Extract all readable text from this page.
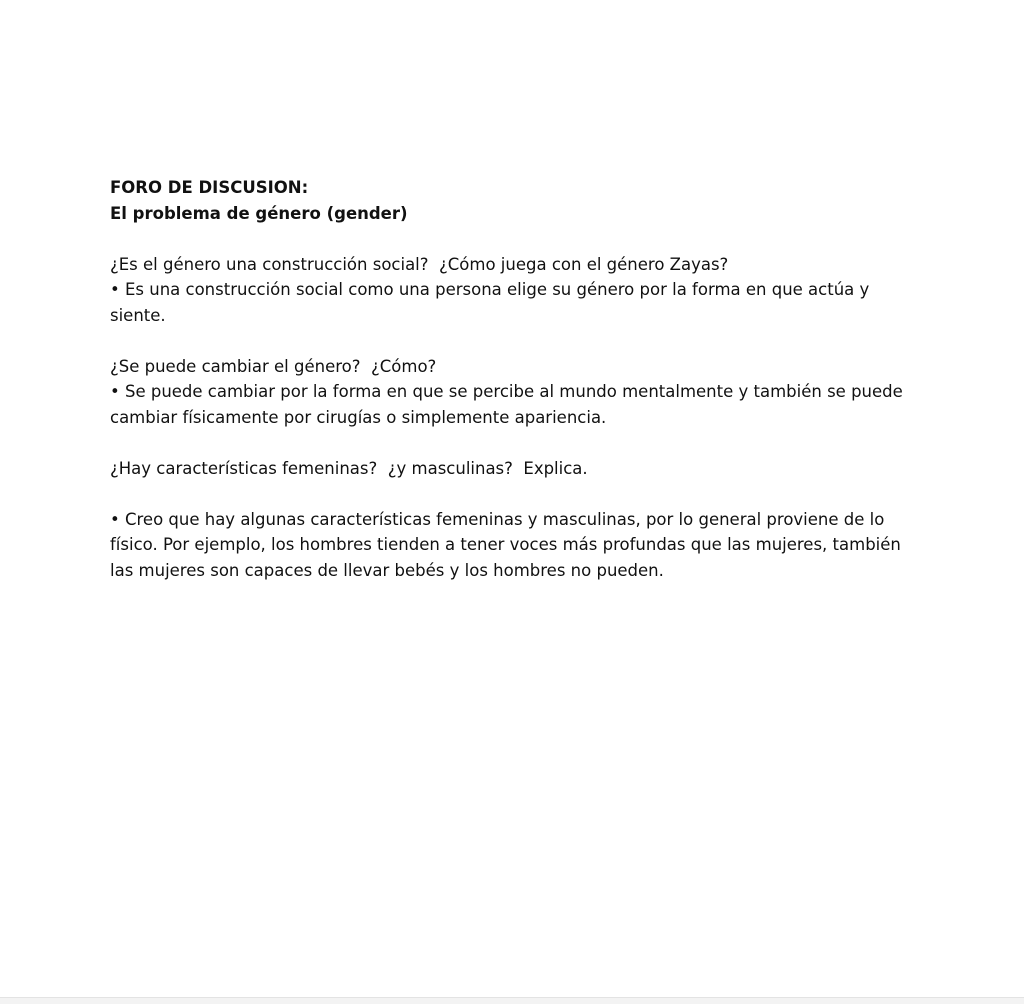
FORO DE DISCUSION:

El problema de género (gender)

¿Es el género una construcción social?  ¿Cómo juega con el género Zayas?

• Es una construcción social como una persona elige su género por la forma en que actúa y siente.

¿Se puede cambiar el género?  ¿Cómo?

• Se puede cambiar por la forma en que se percibe al mundo mentalmente y también se puede cambiar físicamente por cirugías o simplemente apariencia.

¿Hay características femeninas?  ¿y masculinas?  Explica.

• Creo que hay algunas características femeninas y masculinas, por lo general proviene de lo físico. Por ejemplo, los hombres tienden a tener voces más profundas que las mujeres, también las mujeres son capaces de llevar bebés y los hombres no pueden.
